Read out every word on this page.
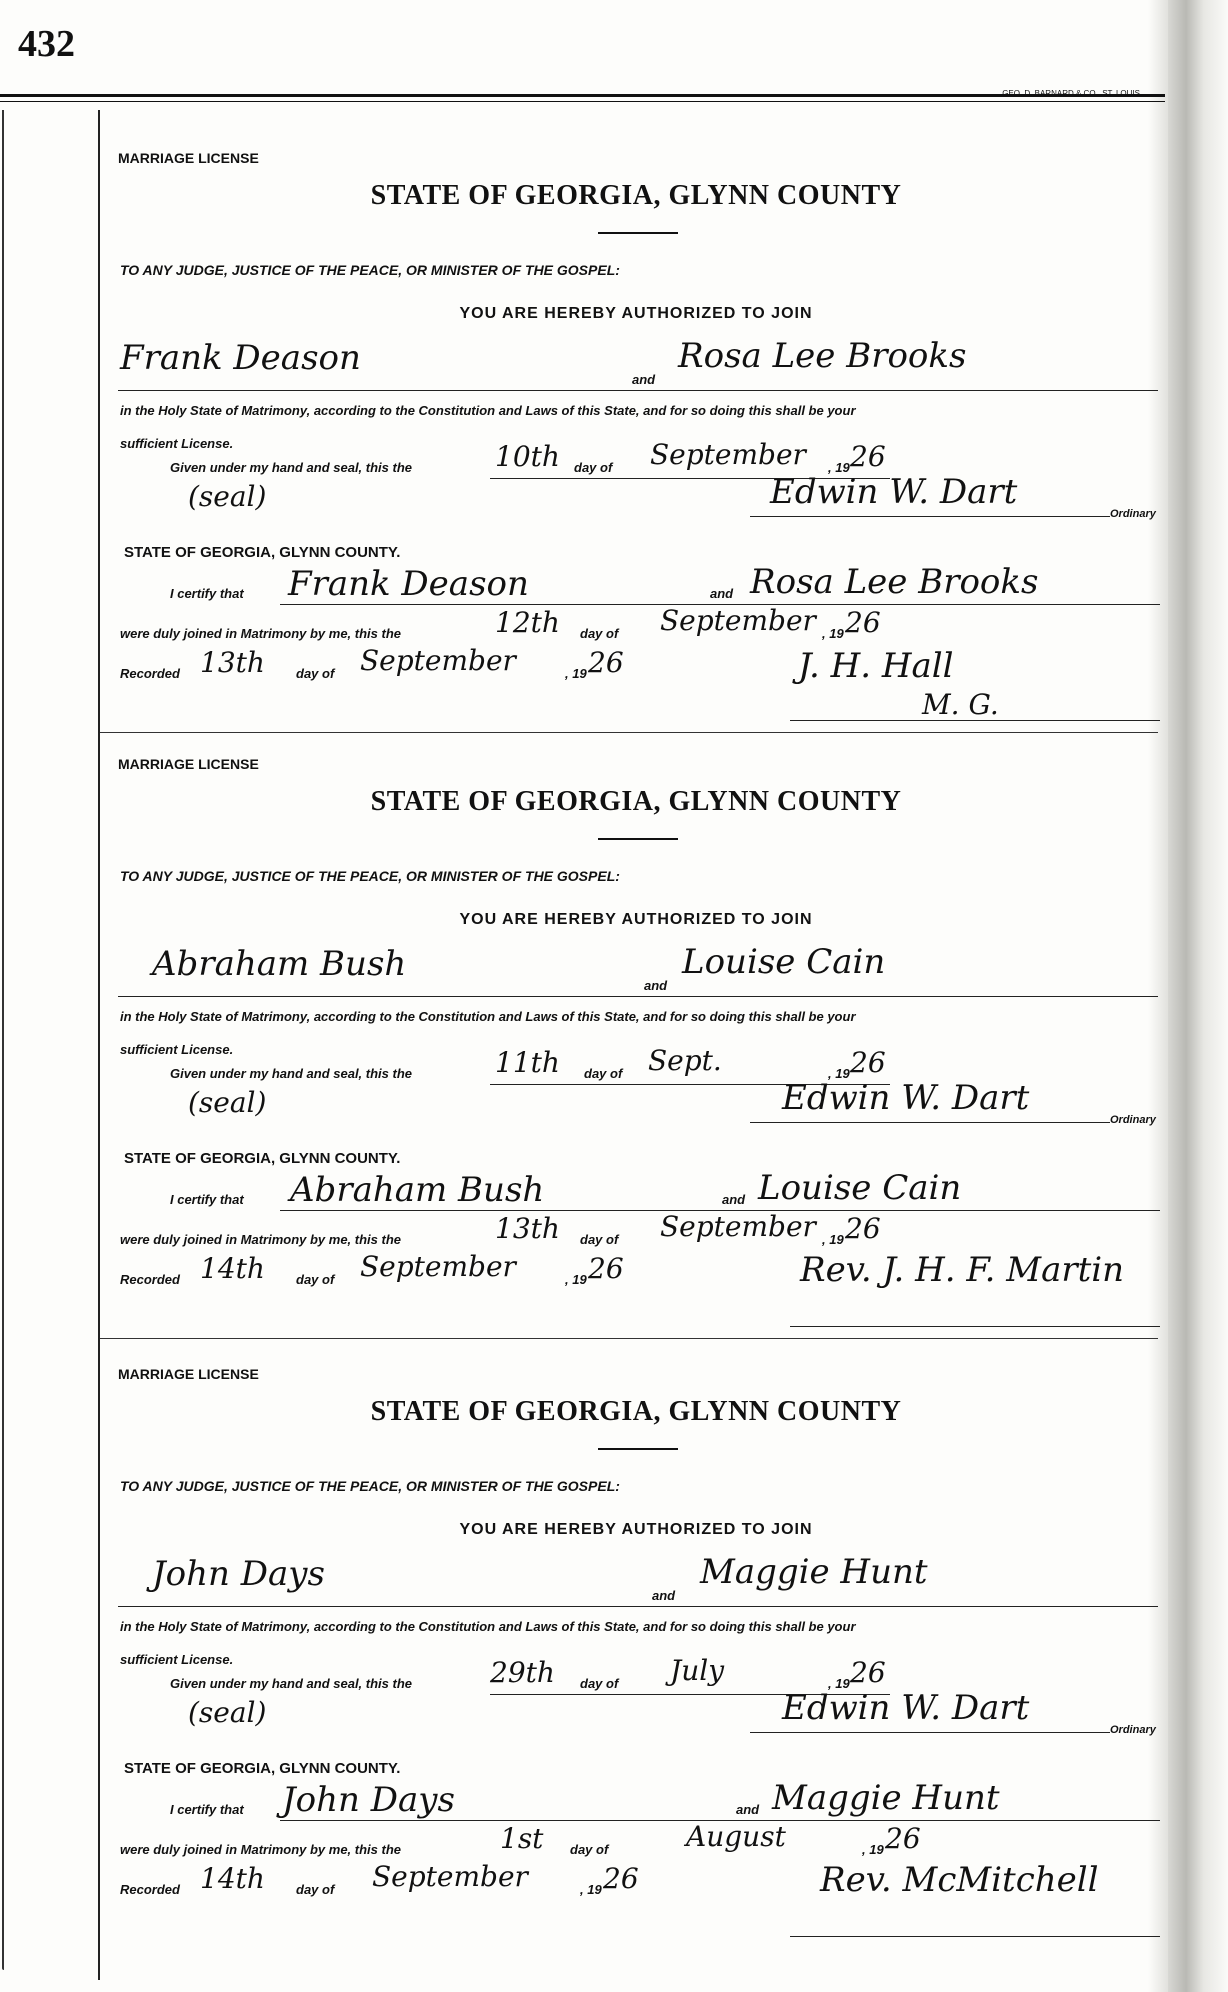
432
GEO. D. BARNARD & CO., ST. LOUIS
MARRIAGE LICENSE
STATE OF GEORGIA, GLYNN COUNTY
TO ANY JUDGE, JUSTICE OF THE PEACE, OR MINISTER OF THE GOSPEL:
YOU ARE HEREBY AUTHORIZED TO JOIN
Frank Deason
and
Rosa Lee Brooks
in the Holy State of Matrimony, according to the Constitution and Laws of this State, and for so doing this shall be your
sufficient License.
Given under my hand and seal, this the	10th day of September , 19 26
(seal)	Edwin W. Dart
Ordinary
STATE OF GEORGIA, GLYNN COUNTY.
I certify that Frank Deason	and Rosa Lee Brooks
were duly joined in Matrimony by me, this the	12th day of September , 19 26
Recorded 13th day of September	, 19 26	J. H. Hall
M. G.
MARRIAGE LICENSE
STATE OF GEORGIA, GLYNN COUNTY
TO ANY JUDGE, JUSTICE OF THE PEACE, OR MINISTER OF THE GOSPEL:
YOU ARE HEREBY AUTHORIZED TO JOIN
Abraham Bush
and
Louise Cain
in the Holy State of Matrimony, according to the Constitution and Laws of this State, and for so doing this shall be your
sufficient License.
Given under my hand and seal, this the	11th day of Sept.	, 19 26
(seal)	Edwin W. Dart
Ordinary
STATE OF GEORGIA, GLYNN COUNTY.
I certify that Abraham Bush	and Louise Cain
were duly joined in Matrimony by me, this the	13th day of September , 19 26
Recorded 14th day of September	, 19 26	Rev. J. H. F. Martin
MARRIAGE LICENSE
STATE OF GEORGIA, GLYNN COUNTY
TO ANY JUDGE, JUSTICE OF THE PEACE, OR MINISTER OF THE GOSPEL:
YOU ARE HEREBY AUTHORIZED TO JOIN
John Days
and
Maggie Hunt
in the Holy State of Matrimony, according to the Constitution and Laws of this State, and for so doing this shall be your
sufficient License.
Given under my hand and seal, this the	29th day of July	, 19 26
(seal)	Edwin W. Dart
Ordinary
STATE OF GEORGIA, GLYNN COUNTY.
I certify that John Days	and Maggie Hunt
were duly joined in Matrimony by me, this the	1st day of	August	, 19 26
Recorded 14th day of September	, 19 26	Rev. McMitchell
